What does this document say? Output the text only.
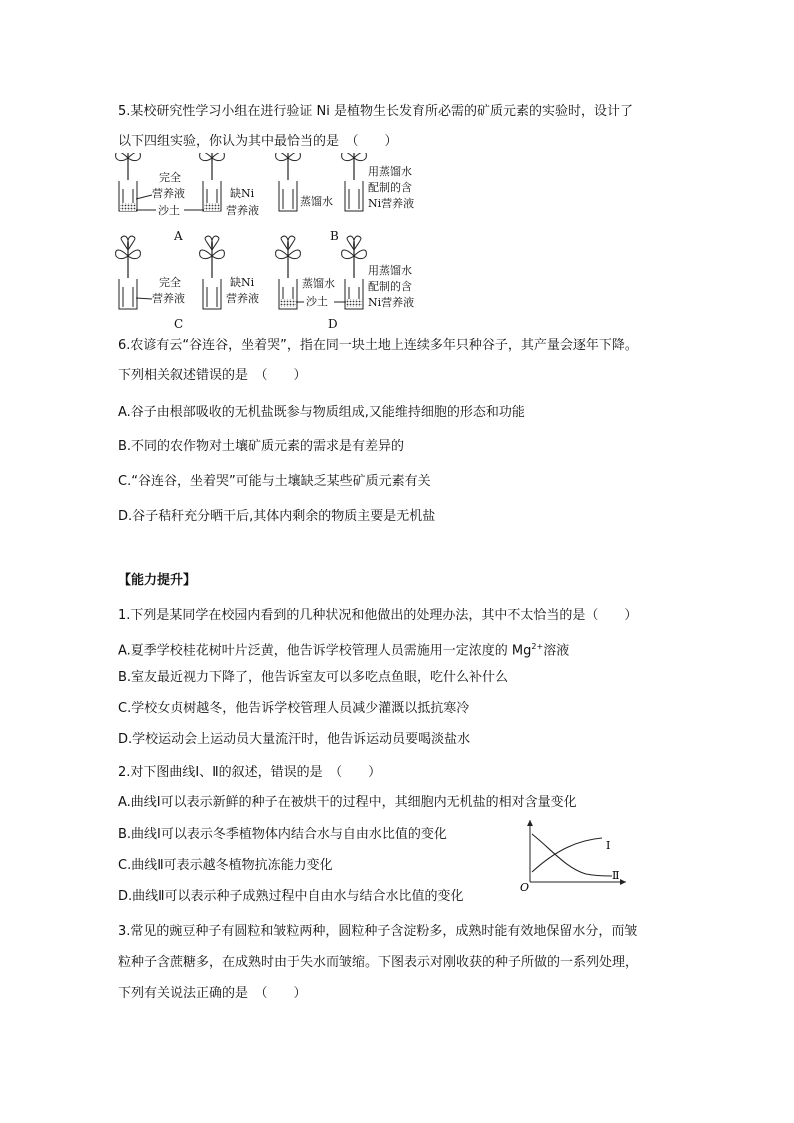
5.某校研究性学习小组在进行验证 Ni 是植物生长发育所必需的矿质元素的实验时，设计了
以下四组实验，你认为其中最恰当的是　（　　）
完全
营养液
沙土
缺Ni
营养液
A
蒸馏水
用蒸馏水
配制的含
Ni营养液
B
完全
营养液
缺Ni
营养液
C
蒸馏水
沙土
用蒸馏水
配制的含
Ni营养液
D
6.农谚有云“谷连谷，坐着哭”，指在同一块土地上连续多年只种谷子，其产量会逐年下降。
下列相关叙述错误的是　（　　）
A.谷子由根部吸收的无机盐既参与物质组成,又能维持细胞的形态和功能
B.不同的农作物对土壤矿质元素的需求是有差异的
C.“谷连谷，坐着哭”可能与土壤缺乏某些矿质元素有关
D.谷子秸秆充分晒干后,其体内剩余的物质主要是无机盐
【能力提升】
1.下列是某同学在校园内看到的几种状况和他做出的处理办法，其中不太恰当的是（　　）
A.夏季学校桂花树叶片泛黄，他告诉学校管理人员需施用一定浓度的 $Mg^{2+}$溶液
B.室友最近视力下降了，他告诉室友可以多吃点鱼眼，吃什么补什么
C.学校女贞树越冬，他告诉学校管理人员减少灌溉以抵抗寒冷
D.学校运动会上运动员大量流汗时，他告诉运动员要喝淡盐水
2.对下图曲线Ⅰ、Ⅱ的叙述，错误的是　（　　）
A.曲线Ⅰ可以表示新鲜的种子在被烘干的过程中，其细胞内无机盐的相对含量变化
B.曲线Ⅰ可以表示冬季植物体内结合水与自由水比值的变化
C.曲线Ⅱ可表示越冬植物抗冻能力变化
D.曲线Ⅱ可以表示种子成熟过程中自由水与结合水比值的变化
O
Ⅰ
Ⅱ
3.常见的豌豆种子有圆粒和皱粒两种，圆粒种子含淀粉多，成熟时能有效地保留水分，而皱
粒种子含蔗糖多，在成熟时由于失水而皱缩。下图表示对刚收获的种子所做的一系列处理，
下列有关说法正确的是　（　　）
